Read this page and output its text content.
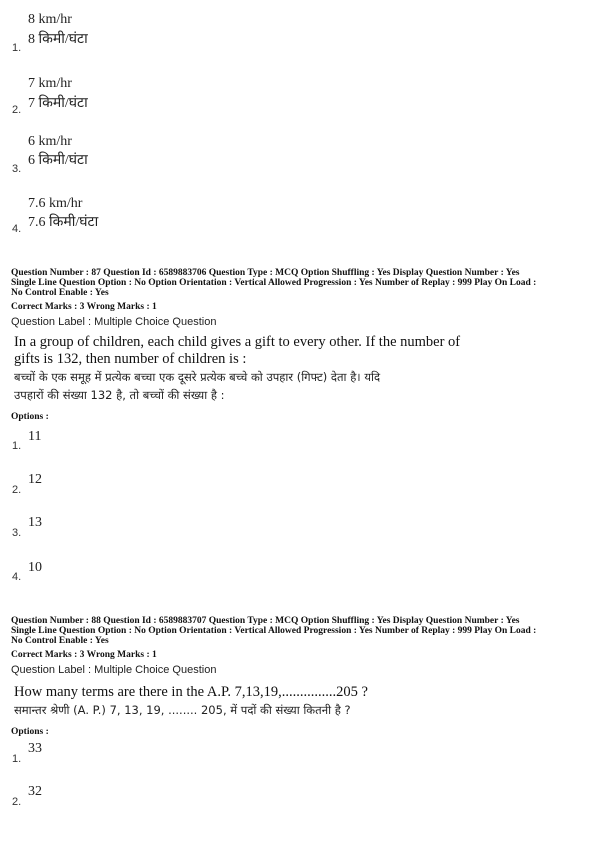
8 km/hr
8 किमी/घंटा
1.
7 km/hr
7 किमी/घंटा
2.
6 km/hr
6 किमी/घंटा
3.
7.6 km/hr
7.6 किमी/घंटा
4.
Question Number : 87 Question Id : 6589883706 Question Type : MCQ Option Shuffling : Yes Display Question Number : Yes
Single Line Question Option : No Option Orientation : Vertical Allowed Progression : Yes Number of Replay : 999 Play On Load :
No Control Enable : Yes
Correct Marks : 3 Wrong Marks : 1
Question Label : Multiple Choice Question
In a group of children, each child gives a gift to every other. If the number of
gifts is 132, then number of children is :
बच्चों के एक समूह में प्रत्येक बच्चा एक दूसरे प्रत्येक बच्चे को उपहार (गिफ्ट) देता है। यदि
उपहारों की संख्या 132 है, तो बच्चों की संख्या है :
Options :
11
1.
12
2.
13
3.
10
4.
Question Number : 88 Question Id : 6589883707 Question Type : MCQ Option Shuffling : Yes Display Question Number : Yes
Single Line Question Option : No Option Orientation : Vertical Allowed Progression : Yes Number of Replay : 999 Play On Load :
No Control Enable : Yes
Correct Marks : 3 Wrong Marks : 1
Question Label : Multiple Choice Question
How many terms are there in the A.P. 7,13,19,...............205 ?
समान्तर श्रेणी (A. P.) 7, 13, 19, ........ 205, में पदों की संख्या कितनी है ?
Options :
33
1.
32
2.
